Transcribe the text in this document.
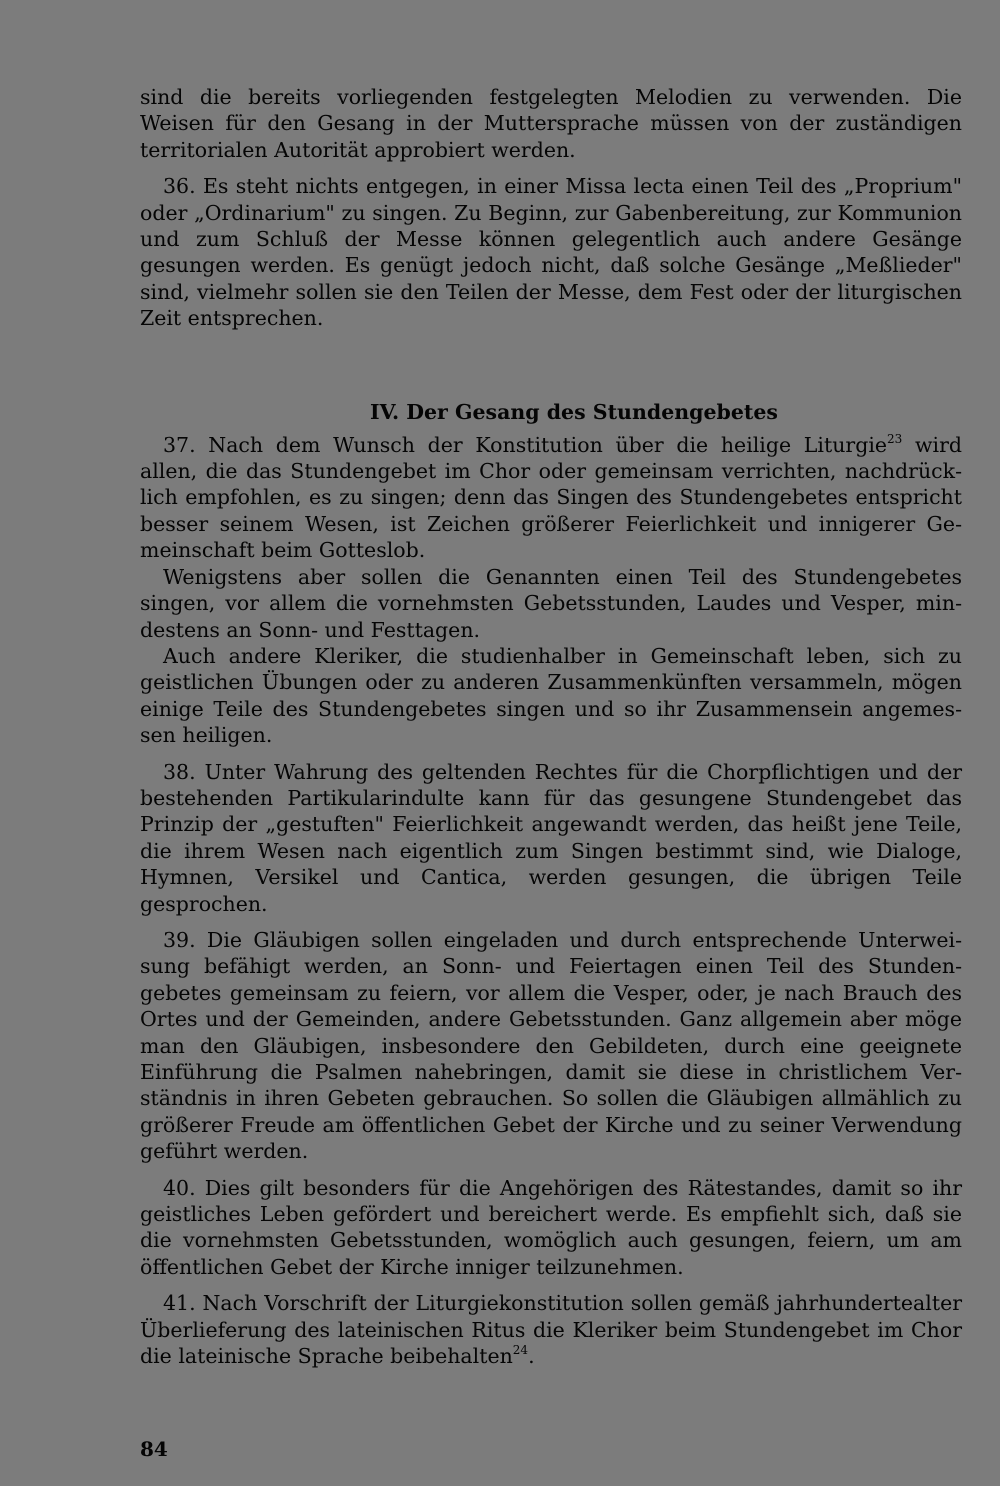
sind die bereits vorliegenden festgelegten Melodien zu verwenden. Die Weisen für den Gesang in der Muttersprache müssen von der zuständigen territorialen Autorität approbiert werden.

36. Es steht nichts entgegen, in einer Missa lecta einen Teil des „Proprium" oder „Ordinarium" zu singen. Zu Beginn, zur Gabenbereitung, zur Kommunion und zum Schluß der Messe können gelegentlich auch andere Gesänge gesungen werden. Es genügt jedoch nicht, daß solche Gesänge „Meßlieder" sind, vielmehr sollen sie den Teilen der Messe, dem Fest oder der liturgischen Zeit entsprechen.

IV. Der Gesang des Stundengebetes

37. Nach dem Wunsch der Konstitution über die heilige Liturgie$^{23}$ wird allen, die das Stundengebet im Chor oder gemeinsam verrichten, nachdrücklich empfohlen, es zu singen; denn das Singen des Stundengebetes entspricht besser seinem Wesen, ist Zeichen größerer Feierlichkeit und innigerer Gemeinschaft beim Gotteslob.

Wenigstens aber sollen die Genannten einen Teil des Stundengebetes singen, vor allem die vornehmsten Gebetsstunden, Laudes und Vesper, mindestens an Sonn- und Festtagen.

Auch andere Kleriker, die studienhalber in Gemeinschaft leben, sich zu geistlichen Übungen oder zu anderen Zusammenkünften versammeln, mögen einige Teile des Stundengebetes singen und so ihr Zusammensein angemessen heiligen.

38. Unter Wahrung des geltenden Rechtes für die Chorpflichtigen und der bestehenden Partikularindulte kann für das gesungene Stundengebet das Prinzip der „gestuften" Feierlichkeit angewandt werden, das heißt jene Teile, die ihrem Wesen nach eigentlich zum Singen bestimmt sind, wie Dialoge, Hymnen, Versikel und Cantica, werden gesungen, die übrigen Teile gesprochen.

39. Die Gläubigen sollen eingeladen und durch entsprechende Unterweisung befähigt werden, an Sonn- und Feiertagen einen Teil des Stundengebetes gemeinsam zu feiern, vor allem die Vesper, oder, je nach Brauch des Ortes und der Gemeinden, andere Gebetsstunden. Ganz allgemein aber möge man den Gläubigen, insbesondere den Gebildeten, durch eine geeignete Einführung die Psalmen nahebringen, damit sie diese in christlichem Verständnis in ihren Gebeten gebrauchen. So sollen die Gläubigen allmählich zu größerer Freude am öffentlichen Gebet der Kirche und zu seiner Verwendung geführt werden.

40. Dies gilt besonders für die Angehörigen des Rätestandes, damit so ihr geistliches Leben gefördert und bereichert werde. Es empfiehlt sich, daß sie die vornehmsten Gebetsstunden, womöglich auch gesungen, feiern, um am öffentlichen Gebet der Kirche inniger teilzunehmen.

41. Nach Vorschrift der Liturgiekonstitution sollen gemäß jahrhundertealter Überlieferung des lateinischen Ritus die Kleriker beim Stundengebet im Chor die lateinische Sprache beibehalten$^{24}$.

84
